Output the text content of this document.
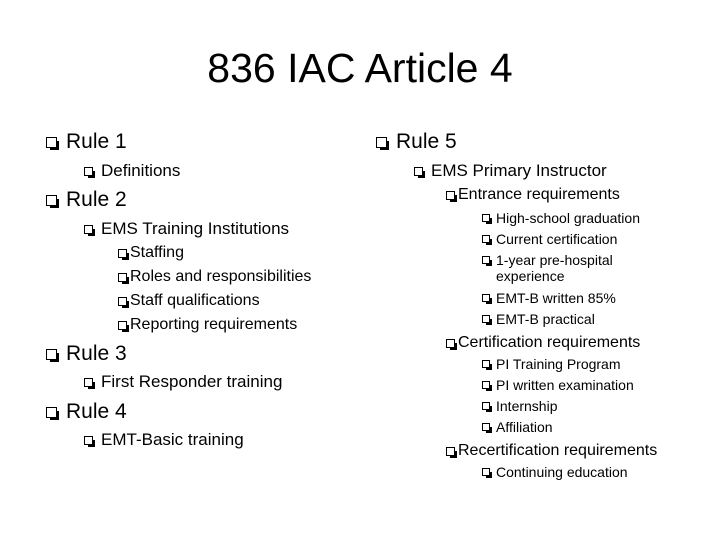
836 IAC Article 4
Rule 1
Definitions
Rule 2
EMS Training Institutions
Staffing
Roles and responsibilities
Staff qualifications
Reporting requirements
Rule 3
First Responder training
Rule 4
EMT-Basic training
Rule 5
EMS Primary Instructor
Entrance requirements
High-school graduation
Current certification
1-year pre-hospital experience
EMT-B written 85%
EMT-B practical
Certification requirements
PI Training Program
PI written examination
Internship
Affiliation
Recertification requirements
Continuing education
